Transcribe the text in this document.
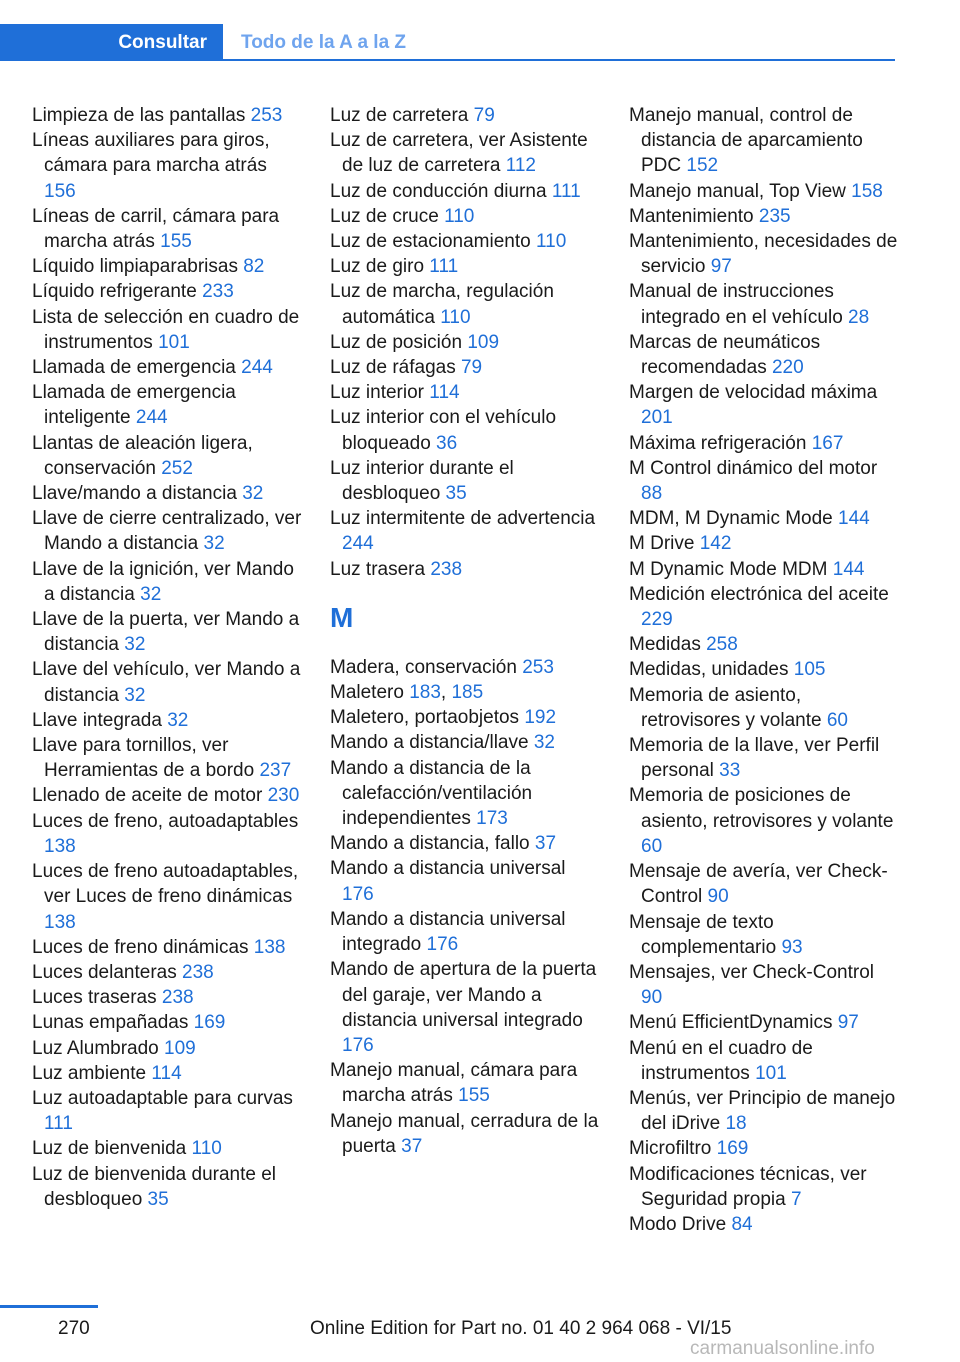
Consultar	Todo de la A a la Z

Limpieza de las pantallas 253

Líneas auxiliares para giros, cámara para marcha atrás 156

Líneas de carril, cámara para marcha atrás 155

Líquido limpiaparabrisas 82

Líquido refrigerante 233

Lista de selección en cuadro de instrumentos 101

Llamada de emergencia 244

Llamada de emergencia inteligente 244

Llantas de aleación ligera, conservación 252

Llave/mando a distancia 32

Llave de cierre centralizado, ver Mando a distancia 32

Llave de la ignición, ver Mando a distancia 32

Llave de la puerta, ver Mando a distancia 32

Llave del vehículo, ver Mando a distancia 32

Llave integrada 32

Llave para tornillos, ver Herramientas de a bordo 237

Llenado de aceite de motor 230

Luces de freno, autoadaptables 138

Luces de freno autoadaptables, ver Luces de freno dinámicas 138

Luces de freno dinámicas 138

Luces delanteras 238

Luces traseras 238

Lunas empañadas 169

Luz Alumbrado 109

Luz ambiente 114

Luz autoadaptable para curvas 111

Luz de bienvenida 110

Luz de bienvenida durante el desbloqueo 35

Luz de carretera 79

Luz de carretera, ver Asistente de luz de carretera 112

Luz de conducción diurna 111

Luz de cruce 110

Luz de estacionamiento 110

Luz de giro 111

Luz de marcha, regulación automática 110

Luz de posición 109

Luz de ráfagas 79

Luz interior 114

Luz interior con el vehículo bloqueado 36

Luz interior durante el desbloqueo 35

Luz intermitente de advertencia 244

Luz trasera 238

M

Madera, conservación 253

Maletero 183, 185

Maletero, portaobjetos 192

Mando a distancia/llave 32

Mando a distancia de la calefacción/ventilación independientes 173

Mando a distancia, fallo 37

Mando a distancia universal 176

Mando a distancia universal integrado 176

Mando de apertura de la puerta del garaje, ver Mando a distancia universal integrado 176

Manejo manual, cámara para marcha atrás 155

Manejo manual, cerradura de la puerta 37

Manejo manual, control de distancia de aparcamiento PDC 152

Manejo manual, Top View 158

Mantenimiento 235

Mantenimiento, necesidades de servicio 97

Manual de instrucciones integrado en el vehículo 28

Marcas de neumáticos recomendadas 220

Margen de velocidad máxima 201

Máxima refrigeración 167

M Control dinámico del motor 88

MDM, M Dynamic Mode 144

M Drive 142

M Dynamic Mode MDM 144

Medición electrónica del aceite 229

Medidas 258

Medidas, unidades 105

Memoria de asiento, retrovisores y volante 60

Memoria de la llave, ver Perfil personal 33

Memoria de posiciones de asiento, retrovisores y volante 60

Mensaje de avería, ver Check-Control 90

Mensaje de texto complementario 93

Mensajes, ver Check-Control 90

Menú EfficientDynamics 97

Menú en el cuadro de instrumentos 101

Menús, ver Principio de manejo del iDrive 18

Microfiltro 169

Modificaciones técnicas, ver Seguridad propia 7

Modo Drive 84

270	Online Edition for Part no. 01 40 2 964 068 - VI/15
carmanualsonline.info
